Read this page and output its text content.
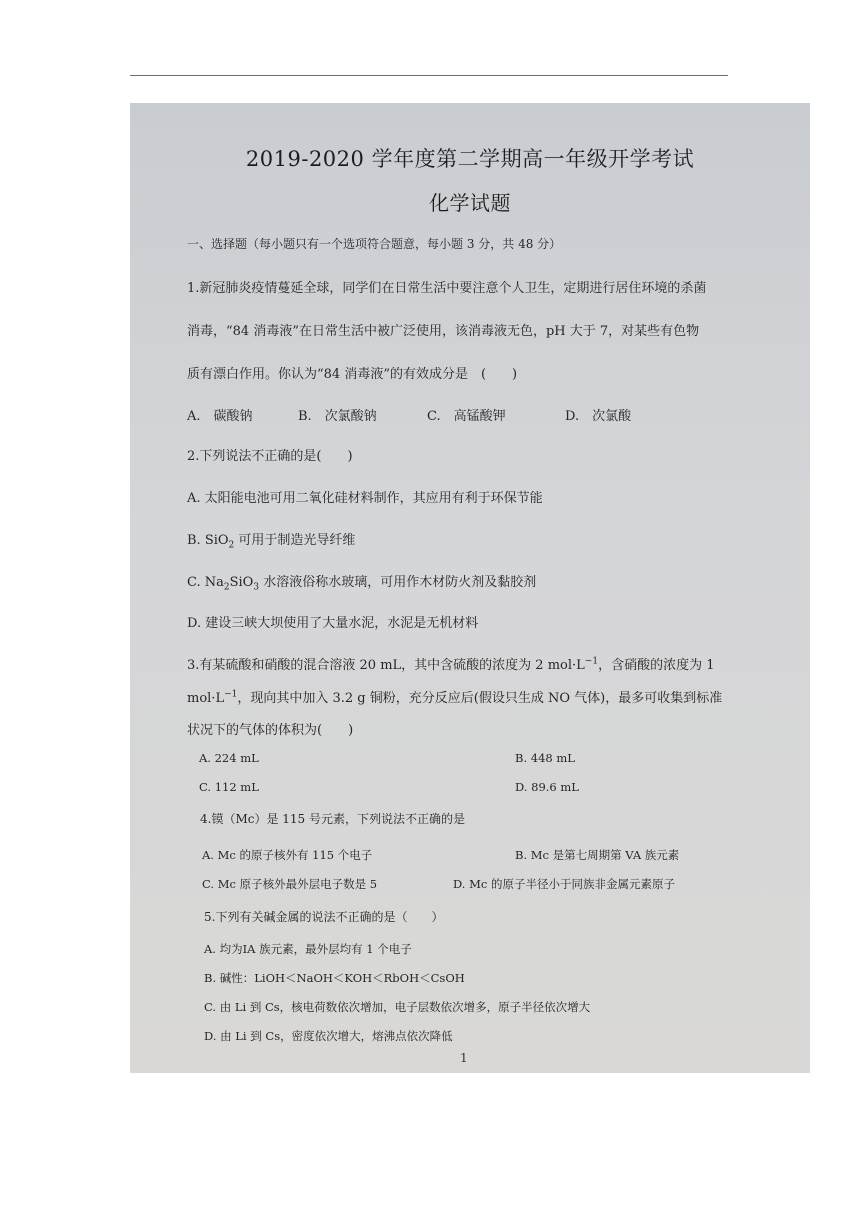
2019-2020 学年度第二学期高一年级开学考试
化学试题
一、选择题（每小题只有一个选项符合题意，每小题 3 分，共 48 分）
1.新冠肺炎疫情蔓延全球，同学们在日常生活中要注意个人卫生，定期进行居住环境的杀菌
消毒，“84 消毒液”在日常生活中被广泛使用，该消毒液无色，pH 大于 7，对某些有色物
质有漂白作用。你认为“84 消毒液”的有效成分是　(　　)
A.　碳酸钠	B.　次氯酸钠	C.　高锰酸钾	D.　次氯酸
2.下列说法不正确的是(　　)
A. 太阳能电池可用二氧化硅材料制作，其应用有利于环保节能
B. SiO$_2$ 可用于制造光导纤维
C. $Na_2SiO_3$ 水溶液俗称水玻璃，可用作木材防火剂及黏胶剂
D. 建设三峡大坝使用了大量水泥，水泥是无机材料
3.有某硫酸和硝酸的混合溶液 20 mL，其中含硫酸的浓度为 2 $mol\cdot L^{-1}$，含硝酸的浓度为 1
$mol\cdot L^{-1}$，现向其中加入 3.2 g 铜粉，充分反应后(假设只生成 NO 气体)，最多可收集到标准
状况下的气体的体积为(　　)
A. 224 mL	B. 448 mL
C. 112 mL	D. 89.6 mL
4.镆（Mc）是 115 号元素，下列说法不正确的是
A. Mc 的原子核外有 115 个电子	B. Mc 是第七周期第 VA 族元素
C. Mc 原子核外最外层电子数是 5	D. Mc 的原子半径小于同族非金属元素原子
5.下列有关碱金属的说法不正确的是（　　）
A. 均为ⅠA 族元素，最外层均有 1 个电子
B. 碱性：LiOH＜NaOH＜KOH＜RbOH＜CsOH
C. 由 Li 到 Cs，核电荷数依次增加，电子层数依次增多，原子半径依次增大
D. 由 Li 到 Cs，密度依次增大，熔沸点依次降低
1
